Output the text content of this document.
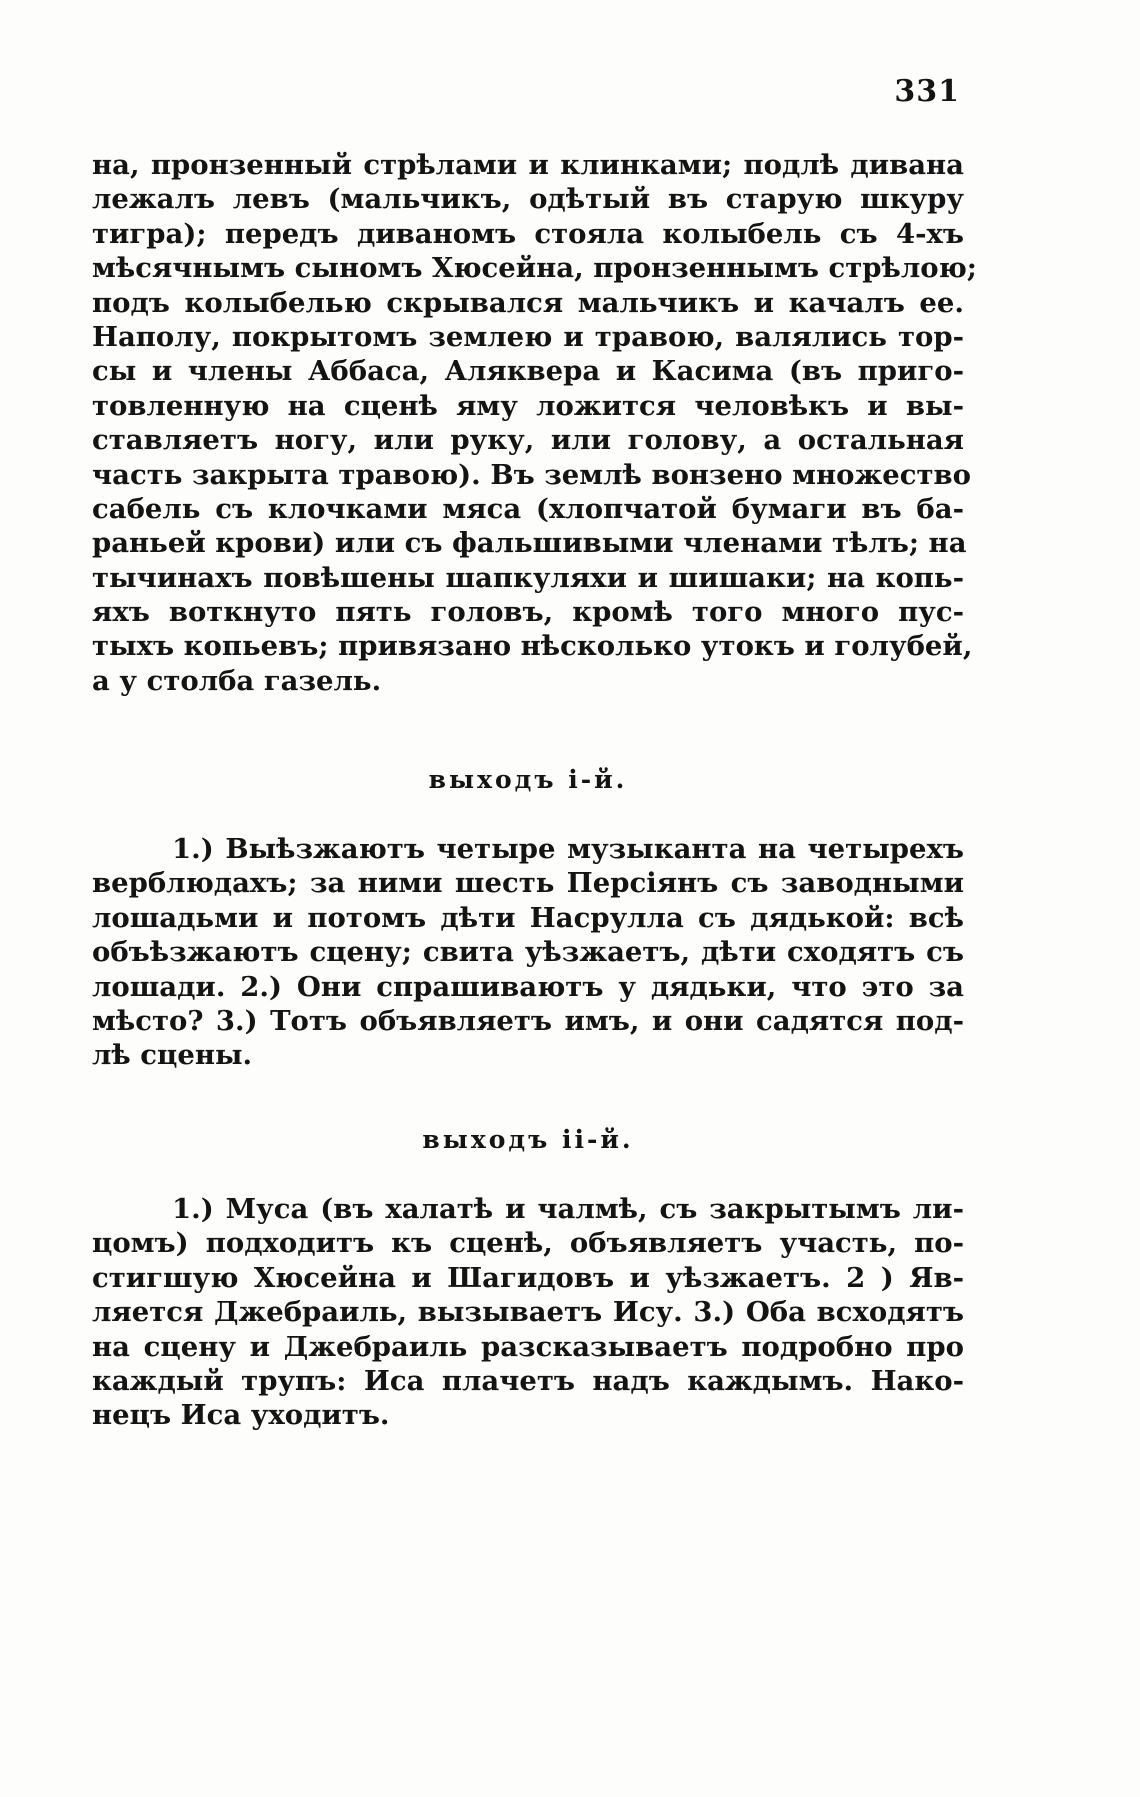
331
на, пронзенный стрѣлами и клинками; подлѣ дивана
лежалъ левъ (мальчикъ, одѣтый въ старую шкуру
тигра); передъ диваномъ стояла колыбель съ 4-хъ
мѣсячнымъ сыномъ Хюсейна, пронзеннымъ стрѣлою;
подъ колыбелью скрывался мальчикъ и качалъ ее.
Наполу, покрытомъ землею и травою, валялись тор-
сы и члены Аббаса, Аляквера и Касима (въ приго-
товленную на сценѣ яму ложится человѣкъ и вы-
ставляетъ ногу, или руку, или голову, а остальная
часть закрыта травою). Въ землѣ вонзено множество
сабель съ клочками мяса (хлопчатой бумаги въ ба-
раньей крови) или съ фальшивыми членами тѣлъ; на
тычинахъ повѣшены шапкуляхи и шишаки; на копь-
яхъ воткнуто пять головъ, кромѣ того много пус-
тыхъ копьевъ; привязано нѣсколько утокъ и голубей,
а у столба газель.
выходъ і-й.
1.) Выѣзжаютъ четыре музыканта на четырехъ
верблюдахъ; за ними шесть Персіянъ съ заводными
лошадьми и потомъ дѣти Насрулла съ дядькой: всѣ
объѣзжаютъ сцену; свита уѣзжаетъ, дѣти сходятъ съ
лошади. 2.) Они спрашиваютъ у дядьки, что это за
мѣсто? 3.) Тотъ объявляетъ имъ, и они садятся под-
лѣ сцены.
выходъ іі-й.
1.) Муса (въ халатѣ и чалмѣ, съ закрытымъ ли-
цомъ) подходитъ къ сценѣ, объявляетъ участь, по-
стигшую Хюсейна и Шагидовъ и уѣзжаетъ. 2 ) Яв-
ляется Джебраиль, вызываетъ Ису. 3.) Оба всходятъ
на сцену и Джебраиль разсказываетъ подробно про
каждый трупъ: Иса плачетъ надъ каждымъ. Нако-
нецъ Иса уходитъ.
